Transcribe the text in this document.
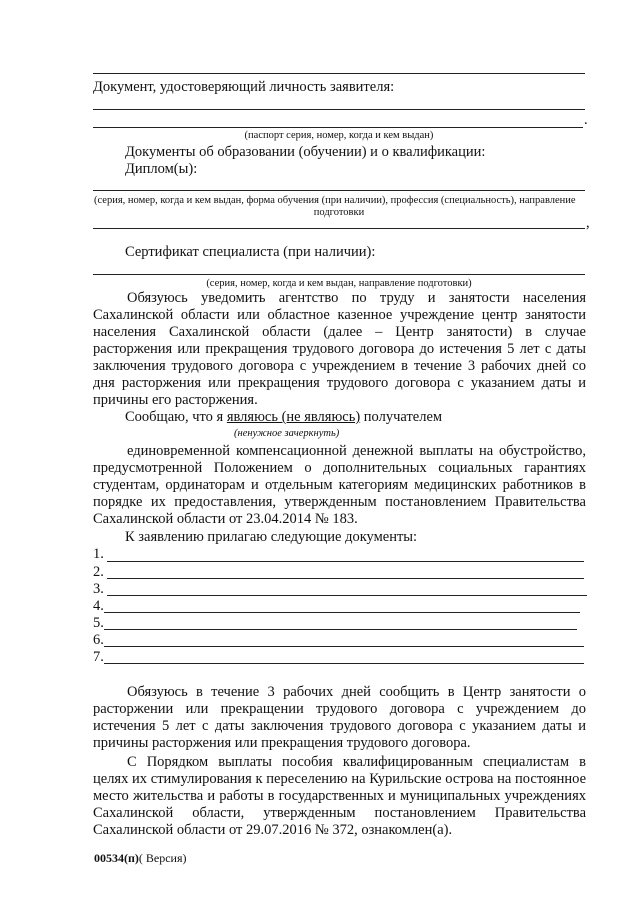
Документ, удостоверяющий личность заявителя:
.
(паспорт серия, номер, когда и кем выдан)
Документы об образовании (обучении) и о квалификации:
Диплом(ы):
(серия, номер, когда и кем выдан, форма обучения (при наличии), профессия (специальность), направление
подготовки
,
Сертификат специалиста (при наличии):
(серия, номер, когда и кем выдан, направление подготовки)

Обязуюсь уведомить агентство по труду и занятости населения Сахалинской области или областное казенное учреждение центр занятости населения Сахалинской области (далее – Центр занятости) в случае расторжения или прекращения трудового договора до истечения 5 лет с даты заключения трудового договора с учреждением в течение 3 рабочих дней со дня расторжения или прекращения трудового договора с указанием даты и причины его расторжения.

Сообщаю, что я являюсь (не являюсь) получателем
(ненужное зачеркнуть)

единовременной компенсационной денежной выплаты на обустройство, предусмотренной Положением о дополнительных социальных гарантиях студентам, ординаторам и отдельным категориям медицинских работников в порядке их предоставления, утвержденным постановлением Правительства Сахалинской области от 23.04.2014 № 183.

К заявлению прилагаю следующие документы:
1.
2.
3.
4.
5.
6.
7.

Обязуюсь в течение 3 рабочих дней сообщить в Центр занятости о расторжении или прекращении трудового договора с учреждением до истечения 5 лет с даты заключения трудового договора с указанием даты и причины расторжения или прекращения трудового договора.

С Порядком выплаты пособия квалифицированным специалистам в целях их стимулирования к переселению на Курильские острова на постоянное место жительства и работы в государственных и муниципальных учреждениях Сахалинской области, утвержденным постановлением Правительства Сахалинской области от 29.07.2016 № 372, ознакомлен(а).

00534(п)( Версия)
